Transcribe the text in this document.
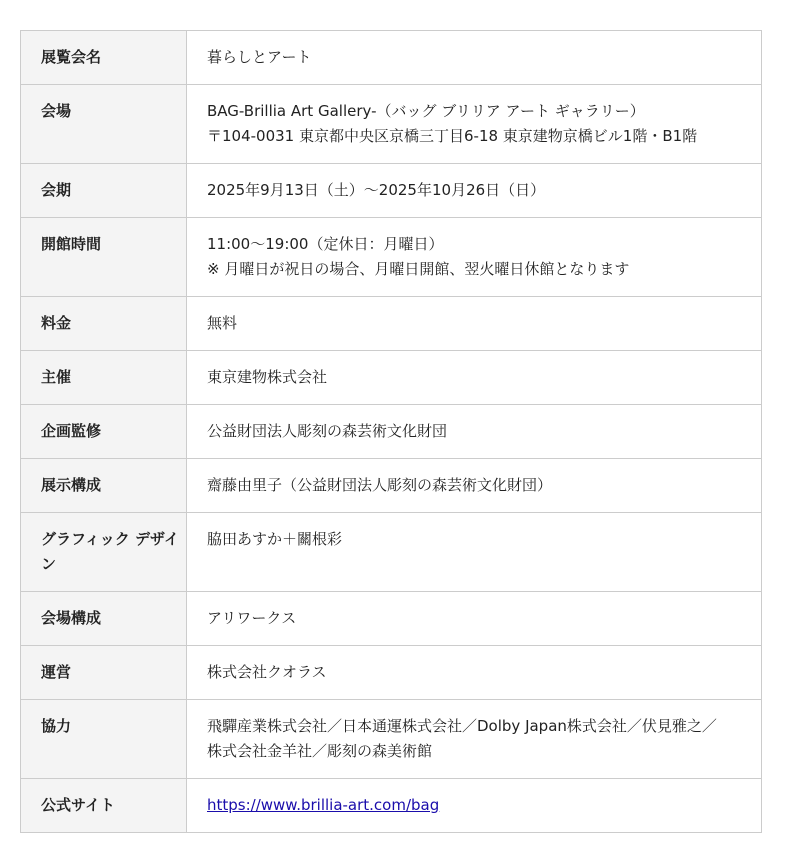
展覧会名	暮らしとアート

会場	BAG-Brillia Art Gallery-（バッグ ブリリア アート ギャラリー）
〒104-0031 東京都中央区京橋三丁目6-18 東京建物京橋ビル1階・B1階

会期	2025年9月13日（土）〜2025年10月26日（日）

開館時間	11:00〜19:00（定休日：月曜日）
※ 月曜日が祝日の場合、月曜日開館、翌火曜日休館となります

料金	無料

主催	東京建物株式会社

企画監修	公益財団法人彫刻の森芸術文化財団

展示構成	齋藤由里子（公益財団法人彫刻の森芸術文化財団）

グラフィック デザイン	脇田あすか＋關根彩

会場構成	アリワークス

運営	株式会社クオラス

協力	飛驒産業株式会社／日本通運株式会社／Dolby Japan株式会社／伏見雅之／
株式会社金羊社／彫刻の森美術館

公式サイト	https://www.brillia-art.com/bag
